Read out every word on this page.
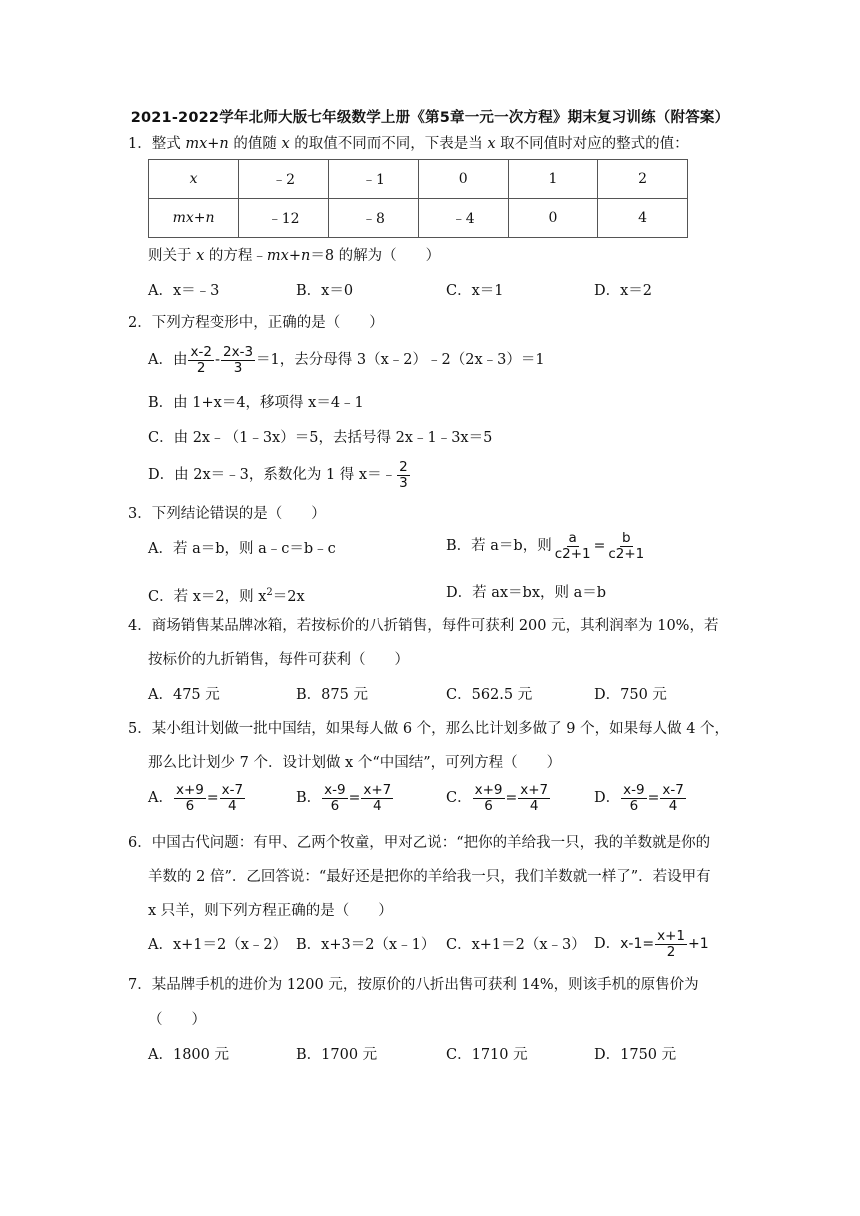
2021-2022学年北师大版七年级数学上册《第5章一元一次方程》期末复习训练（附答案）
1．整式 mx+n 的值随 x 的取值不同而不同，下表是当 x 取不同值时对应的整式的值：
x	﹣2	﹣1	0	1	2
mx+n	﹣12	﹣8	﹣4	0	4
则关于 x 的方程﹣mx+n＝8 的解为（　　）
A．x＝﹣3	B．x＝0	C．x＝1	D．x＝2
2．下列方程变形中，正确的是（　　）
A．由 $\frac{x-2}{2} - \frac{2x-3}{3} =1$，去分母得 3（x﹣2）﹣2（2x﹣3）＝1
B．由 1+x＝4，移项得 x＝4﹣1
C．由 2x﹣（1﹣3x）＝5，去括号得 2x﹣1﹣3x＝5
D．由 2x＝﹣3，系数化为 1 得 x＝﹣ $\frac{2}{3}$
3．下列结论错误的是（　　）
A．若 a＝b，则 a﹣c＝b﹣c	B．若 a＝b，则 $\frac{a}{c2+1} = \frac{b}{c2+1}$
C．若 x＝2，则 $x^2=2x$	D．若 ax＝bx，则 a＝b
4．商场销售某品牌冰箱，若按标价的八折销售，每件可获利 200 元，其利润率为 10%，若
按标价的九折销售，每件可获利（　　）
A．475 元	B．875 元	C．562.5 元	D．750 元
5．某小组计划做一批中国结，如果每人做 6 个，那么比计划多做了 9 个，如果每人做 4 个，
那么比计划少 7 个．设计划做 x 个“中国结”，可列方程（　　）
A． $\frac{x+9}{6} = \frac{x-7}{4}$	B． $\frac{x-9}{6} = \frac{x+7}{4}$	C． $\frac{x+9}{6} = \frac{x+7}{4}$	D． $\frac{x-9}{6} = \frac{x-7}{4}$
6．中国古代问题：有甲、乙两个牧童，甲对乙说：“把你的羊给我一只，我的羊数就是你的
羊数的 2 倍”．乙回答说：“最好还是把你的羊给我一只，我们羊数就一样了”．若设甲有
x 只羊，则下列方程正确的是（　　）
A．x+1＝2（x﹣2） B．x+3＝2（x﹣1） C．x+1＝2（x﹣3） D．$x-1= \frac{x+1}{2} +1$
7．某品牌手机的进价为 1200 元，按原价的八折出售可获利 14%，则该手机的原售价为
（　　）
A．1800 元	B．1700 元	C．1710 元	D．1750 元
